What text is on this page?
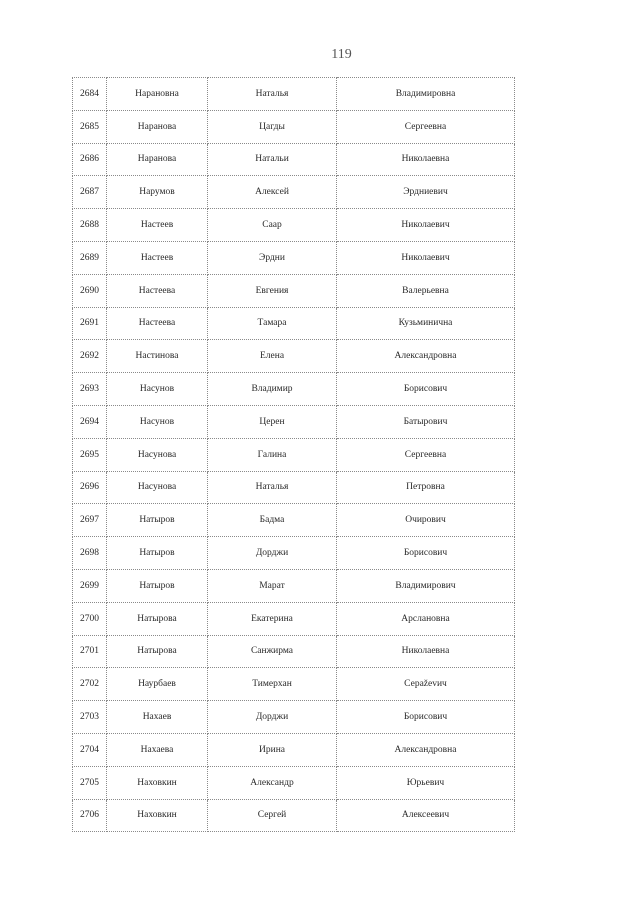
119
2684	Нарановна	Наталья	Владимировна
2685	Наранова	Цагды	Сергеевна
2686	Наранова	Натальи	Николаевна
2687	Нарумов	Алексей	Эрдниевич
2688	Настеев	Саар	Николаевич
2689	Настеев	Эрдни	Николаевич
2690	Настеева	Евгения	Валерьевна
2691	Настеева	Тамара	Кузьминична
2692	Настинова	Елена	Александровна
2693	Насунов	Владимир	Борисович
2694	Насунов	Церен	Батырович
2695	Насунова	Галина	Сергеевна
2696	Насунова	Наталья	Петровна
2697	Натыров	Бадма	Очирович
2698	Натыров	Дорджи	Борисович
2699	Натыров	Марат	Владимирович
2700	Натырова	Екатерина	Арслановна
2701	Натырова	Санжирма	Николаевна
2702	Наурбаев	Тимерхан	Сераževич
2703	Нахаев	Дорджи	Борисович
2704	Нахаева	Ирина	Александровна
2705	Наховкин	Александр	Юрьевич
2706	Наховкин	Сергей	Алексеевич
